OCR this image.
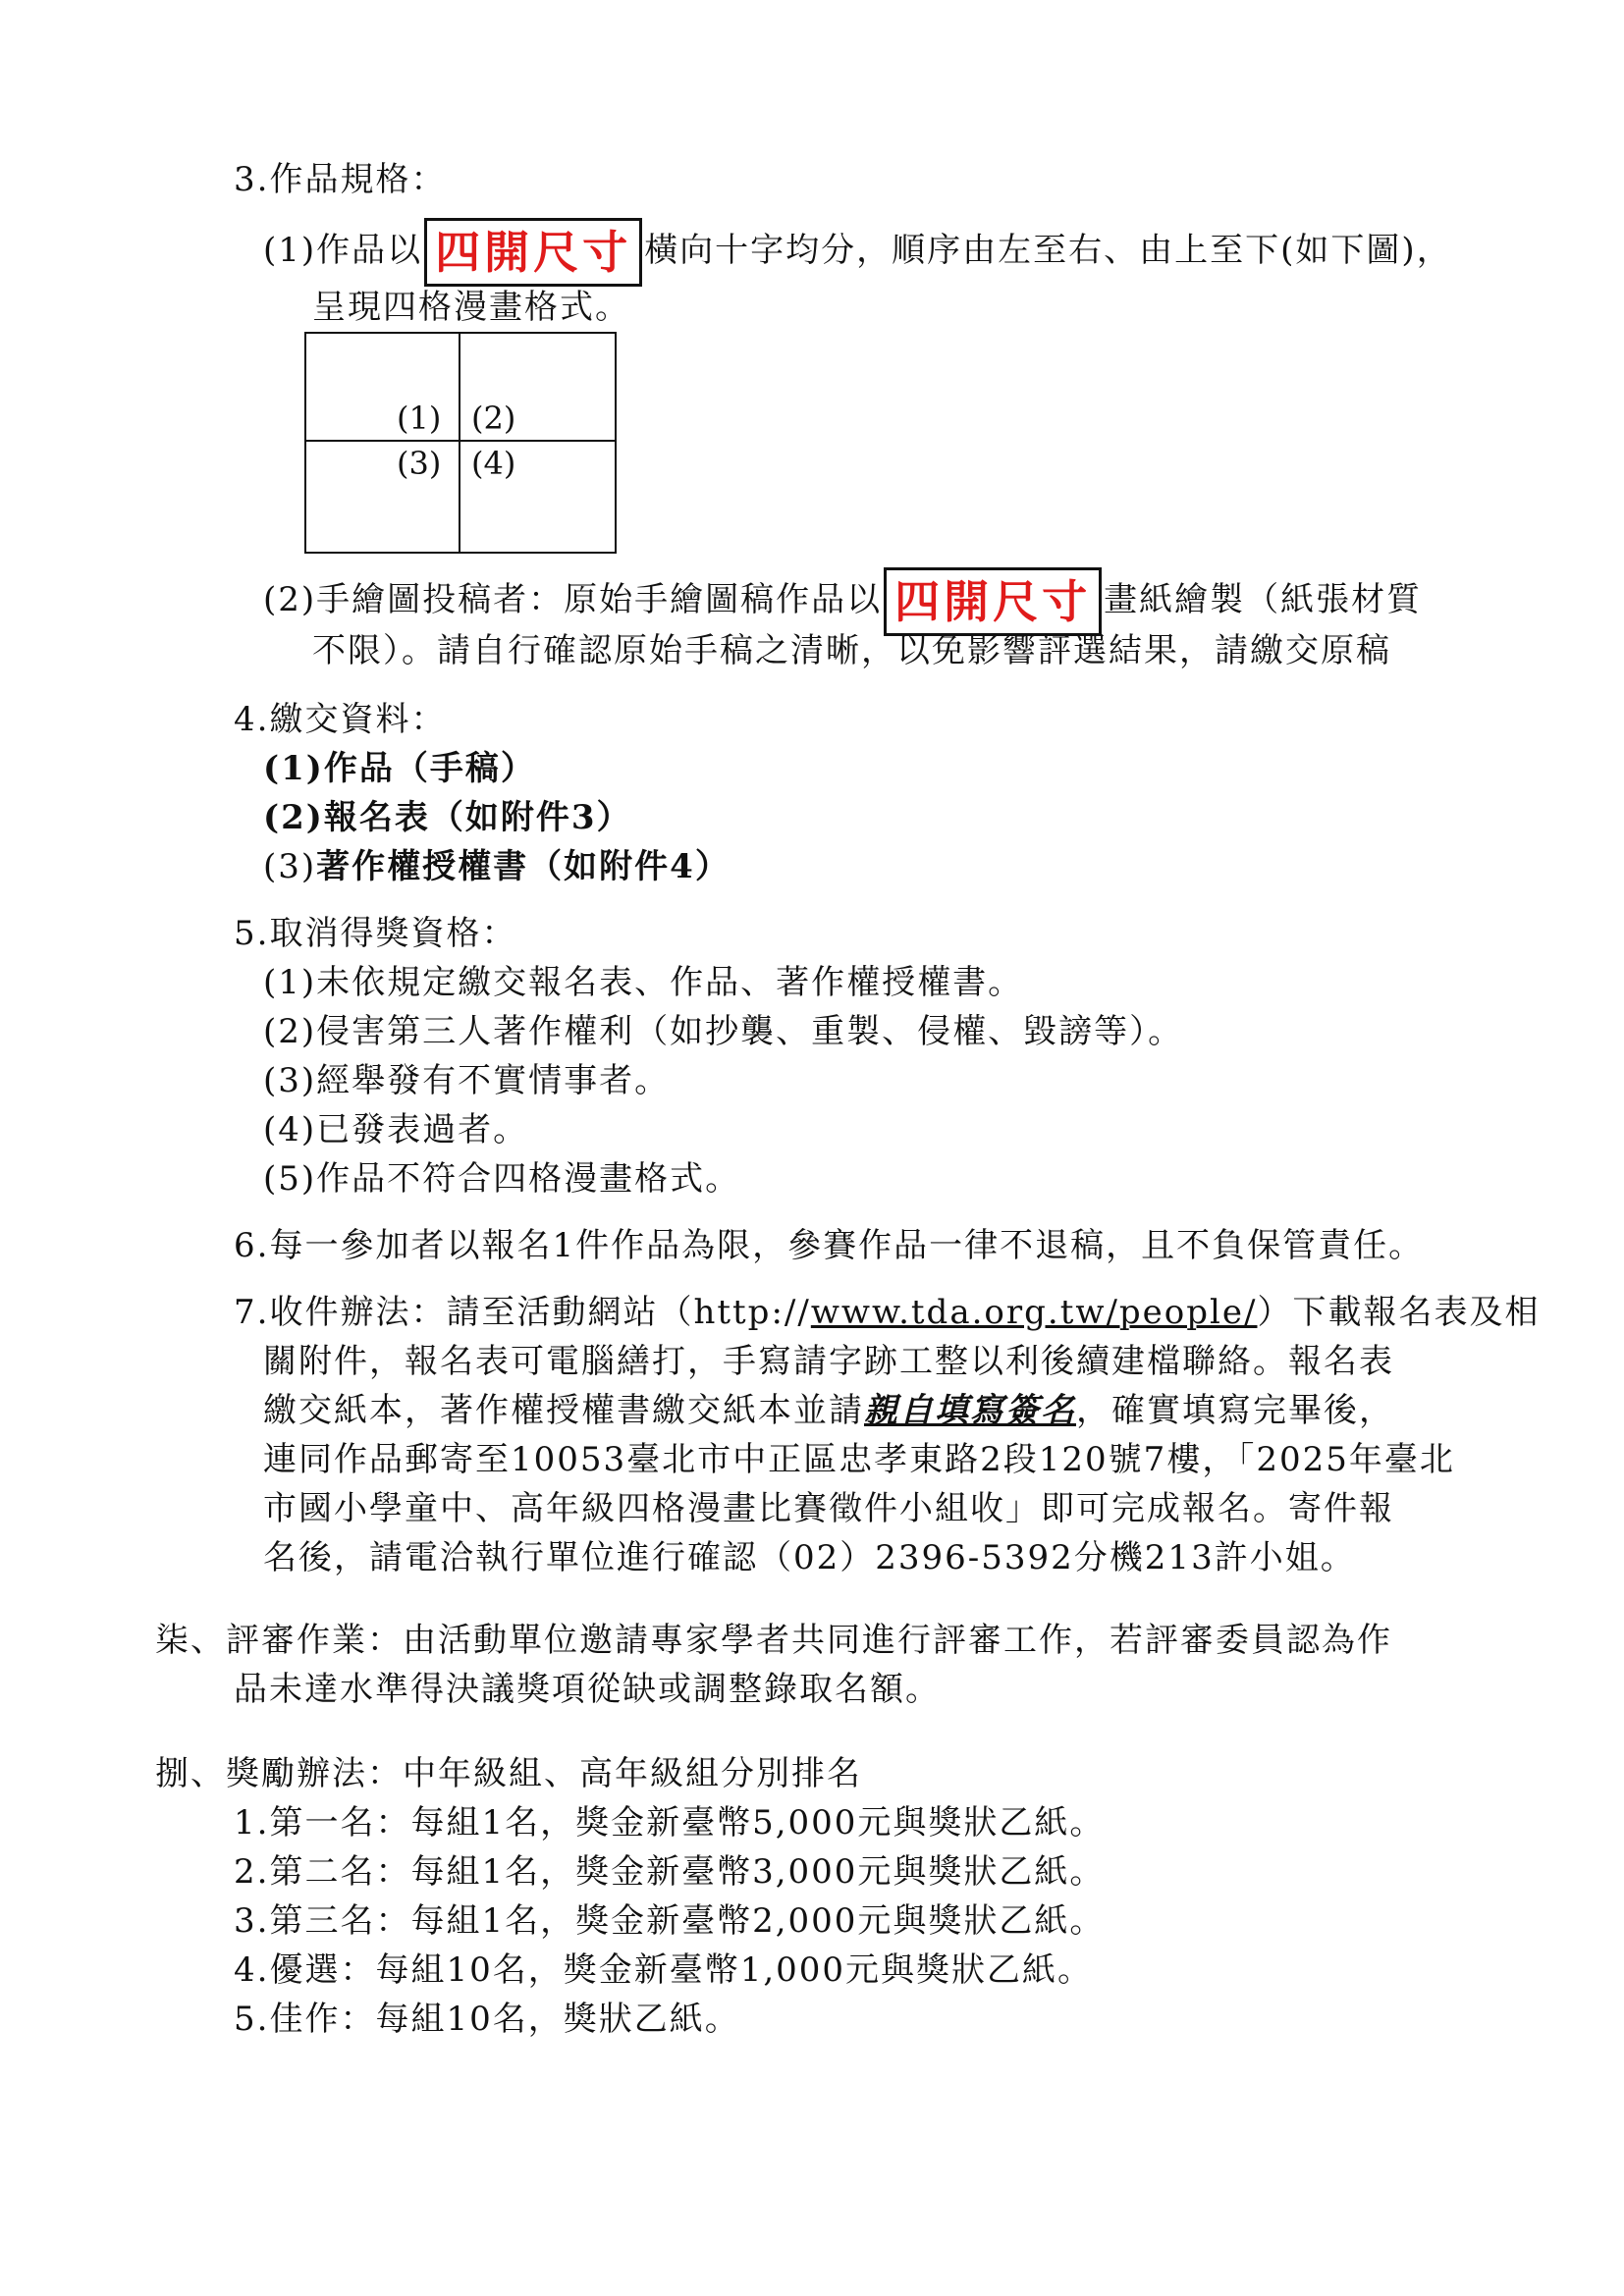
3.作品規格：
(1)作品以 四開尺寸 橫向十字均分，順序由左至右、由上至下(如下圖)，
呈現四格漫畫格式。
(1) (2)
(3) (4)
(2)手繪圖投稿者：原始手繪圖稿作品以 四開尺寸 畫紙繪製（紙張材質
不限）。請自行確認原始手稿之清晰，以免影響評選結果，請繳交原稿
4.繳交資料：
(1)作品（手稿）
(2)報名表（如附件3）
(3)著作權授權書（如附件4）
5.取消得獎資格：
(1)未依規定繳交報名表、作品、著作權授權書。
(2)侵害第三人著作權利（如抄襲、重製、侵權、毀謗等）。
(3)經舉發有不實情事者。
(4)已發表過者。
(5)作品不符合四格漫畫格式。
6.每一參加者以報名1件作品為限，參賽作品一律不退稿，且不負保管責任。
7.收件辦法：請至活動網站（http://www.tda.org.tw/people/）下載報名表及相
關附件，報名表可電腦繕打，手寫請字跡工整以利後續建檔聯絡。報名表
繳交紙本，著作權授權書繳交紙本並請親自填寫簽名，確實填寫完畢後，
連同作品郵寄至10053臺北市中正區忠孝東路2段120號7樓，「2025年臺北
市國小學童中、高年級四格漫畫比賽徵件小組收」即可完成報名。寄件報
名後，請電洽執行單位進行確認（02）2396-5392分機213許小姐。
柒、評審作業：由活動單位邀請專家學者共同進行評審工作，若評審委員認為作
品未達水準得決議獎項從缺或調整錄取名額。
捌、獎勵辦法：中年級組、高年級組分別排名
1.第一名：每組1名，獎金新臺幣5,000元與獎狀乙紙。
2.第二名：每組1名，獎金新臺幣3,000元與獎狀乙紙。
3.第三名：每組1名，獎金新臺幣2,000元與獎狀乙紙。
4.優選：每組10名，獎金新臺幣1,000元與獎狀乙紙。
5.佳作：每組10名，獎狀乙紙。
